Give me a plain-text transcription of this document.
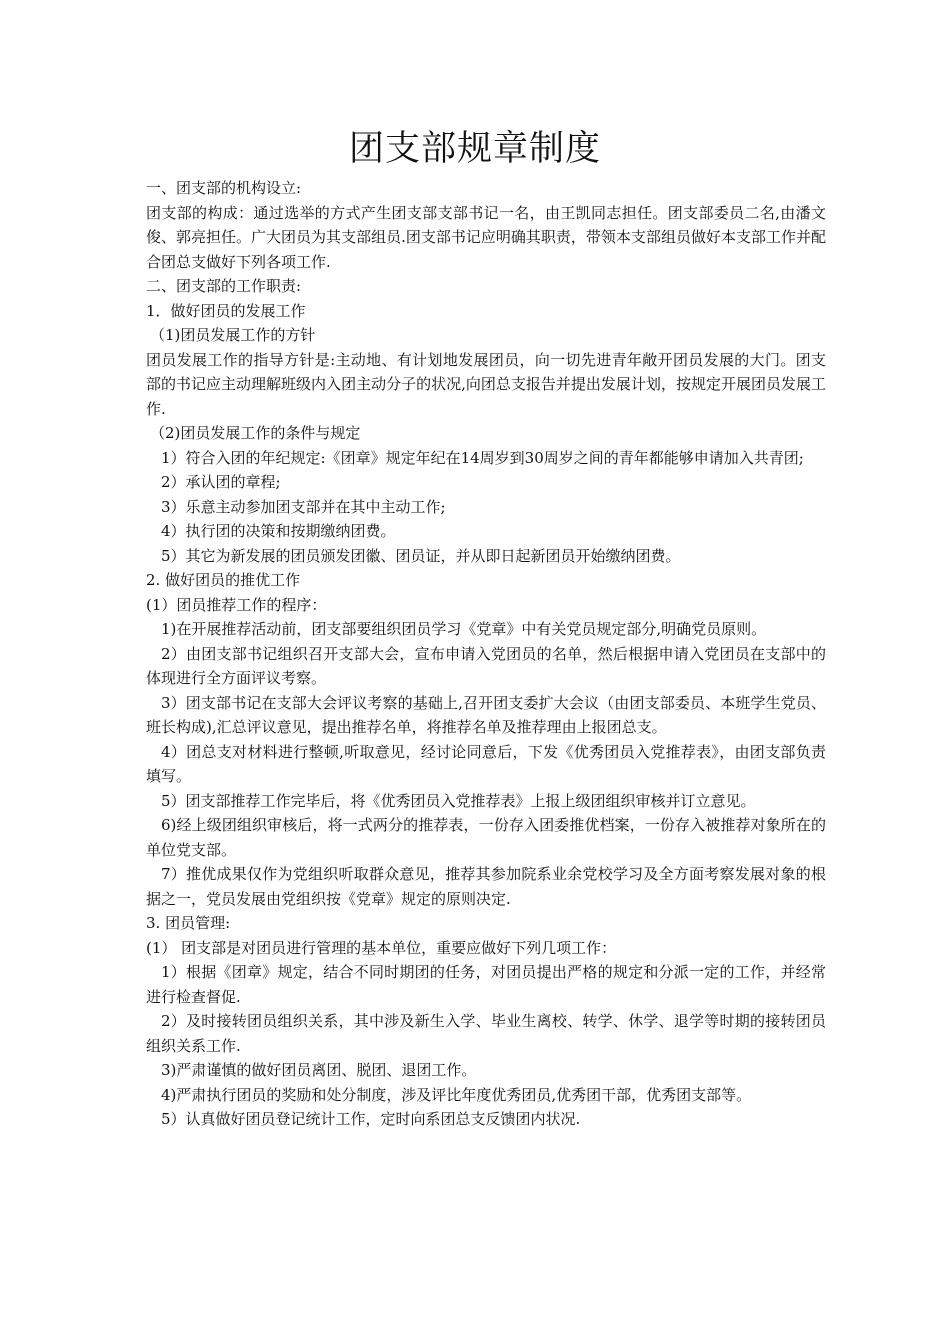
团支部规章制度

一、团支部的机构设立:

团支部的构成：通过选举的方式产生团支部支部书记一名，由王凯同志担任。团支部委员二名,由潘文俊、郭亮担任。广大团员为其支部组员.团支部书记应明确其职责，带领本支部组员做好本支部工作并配合团总支做好下列各项工作.

二、团支部的工作职责:

1．做好团员的发展工作

（1)团员发展工作的方针

团员发展工作的指导方针是:主动地、有计划地发展团员，向一切先进青年敞开团员发展的大门。团支部的书记应主动理解班级内入团主动分子的状况,向团总支报告并提出发展计划，按规定开展团员发展工作.

（2)团员发展工作的条件与规定

1）符合入团的年纪规定:《团章》规定年纪在14周岁到30周岁之间的青年都能够申请加入共青团;

2）承认团的章程;

3）乐意主动参加团支部并在其中主动工作;

4）执行团的决策和按期缴纳团费。

5）其它为新发展的团员颁发团徽、团员证，并从即日起新团员开始缴纳团费。

2. 做好团员的推优工作

(1）团员推荐工作的程序：

1)在开展推荐活动前，团支部要组织团员学习《党章》中有关党员规定部分,明确党员原则。

2）由团支部书记组织召开支部大会，宣布申请入党团员的名单，然后根据申请入党团员在支部中的体现进行全方面评议考察。

3）团支部书记在支部大会评议考察的基础上,召开团支委扩大会议（由团支部委员、本班学生党员、班长构成),汇总评议意见，提出推荐名单，将推荐名单及推荐理由上报团总支。

4）团总支对材料进行整顿,听取意见，经讨论同意后，下发《优秀团员入党推荐表》，由团支部负责填写。

5）团支部推荐工作完毕后，将《优秀团员入党推荐表》上报上级团组织审核并订立意见。

6)经上级团组织审核后，将一式两分的推荐表，一份存入团委推优档案，一份存入被推荐对象所在的单位党支部。

7）推优成果仅作为党组织听取群众意见，推荐其参加院系业余党校学习及全方面考察发展对象的根据之一，党员发展由党组织按《党章》规定的原则决定.

3. 团员管理:

(1） 团支部是对团员进行管理的基本单位，重要应做好下列几项工作：

1）根据《团章》规定，结合不同时期团的任务，对团员提出严格的规定和分派一定的工作，并经常进行检查督促.

2）及时接转团员组织关系，其中涉及新生入学、毕业生离校、转学、休学、退学等时期的接转团员组织关系工作.

3)严肃谨慎的做好团员离团、脱团、退团工作。

4)严肃执行团员的奖励和处分制度，涉及评比年度优秀团员,优秀团干部，优秀团支部等。

5）认真做好团员登记统计工作，定时向系团总支反馈团内状况.
